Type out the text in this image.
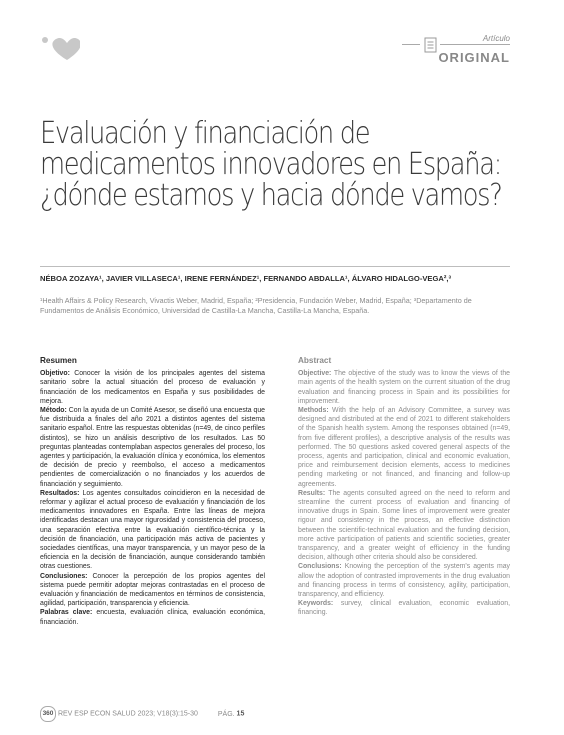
Artículo
ORIGINAL
Evaluación y financiación de
medicamentos innovadores en España:
¿dónde estamos y hacia dónde vamos?
NÉBOA ZOZAYA¹, JAVIER VILLASECA¹, IRENE FERNÁNDEZ¹, FERNANDO ABDALLA¹, ÁLVARO HIDALGO-VEGA²,³
¹Health Affairs & Policy Research, Vivactis Weber, Madrid, España; ²Presidencia, Fundación Weber, Madrid, España; ³Departamento de Fundamentos de Análisis Económico, Universidad de Castilla-La Mancha, Castilla-La Mancha, España.
Resumen

Objetivo: Conocer la visión de los principales agentes del sistema sanitario sobre la actual situación del proceso de evaluación y financiación de los medicamentos en España y sus posibilidades de mejora.

Método: Con la ayuda de un Comité Asesor, se diseñó una encuesta que fue distribuida a finales del año 2021 a distintos agentes del sistema sanitario español. Entre las respuestas obtenidas (n=49, de cinco perfiles distintos), se hizo un análisis descriptivo de los resultados. Las 50 preguntas planteadas contemplaban aspectos generales del proceso, los agentes y participación, la evaluación clínica y económica, los elementos de decisión de precio y reembolso, el acceso a medicamentos pendientes de comercialización o no financiados y los acuerdos de financiación y seguimiento.

Resultados: Los agentes consultados coincidieron en la necesidad de reformar y agilizar el actual proceso de evaluación y financiación de los medicamentos innovadores en España. Entre las líneas de mejora identificadas destacan una mayor rigurosidad y consistencia del proceso, una separación efectiva entre la evaluación científico-técnica y la decisión de financiación, una participación más activa de pacientes y sociedades científicas, una mayor transparencia, y un mayor peso de la eficiencia en la decisión de financiación, aunque considerando también otras cuestiones.

Conclusiones: Conocer la percepción de los propios agentes del sistema puede permitir adoptar mejoras contrastadas en el proceso de evaluación y financiación de medicamentos en términos de consistencia, agilidad, participación, transparencia y eficiencia.

Palabras clave: encuesta, evaluación clínica, evaluación económica, financiación.

Abstract

Objective: The objective of the study was to know the views of the main agents of the health system on the current situation of the drug evaluation and financing process in Spain and its possibilities for improvement.

Methods: With the help of an Advisory Committee, a survey was designed and distributed at the end of 2021 to different stakeholders of the Spanish health system. Among the responses obtained (n=49, from five different profiles), a descriptive analysis of the results was performed. The 50 questions asked covered general aspects of the process, agents and participation, clinical and economic evaluation, price and reimbursement decision elements, access to medicines pending marketing or not financed, and financing and follow-up agreements.

Results: The agents consulted agreed on the need to reform and streamline the current process of evaluation and financing of innovative drugs in Spain. Some lines of improvement were greater rigour and consistency in the process, an effective distinction between the scientific-technical evaluation and the funding decision, more active participation of patients and scientific societies, greater transparency, and a greater weight of efficiency in the funding decision, although other criteria should also be considered.

Conclusions: Knowing the perception of the system's agents may allow the adoption of contrasted improvements in the drug evaluation and financing process in terms of consistency, agility, participation, transparency, and efficiency.

Keywords: survey, clinical evaluation, economic evaluation, financing.

360 REV ESP ECON SALUD 2023; V18(3):15-30	PÁG. 15
